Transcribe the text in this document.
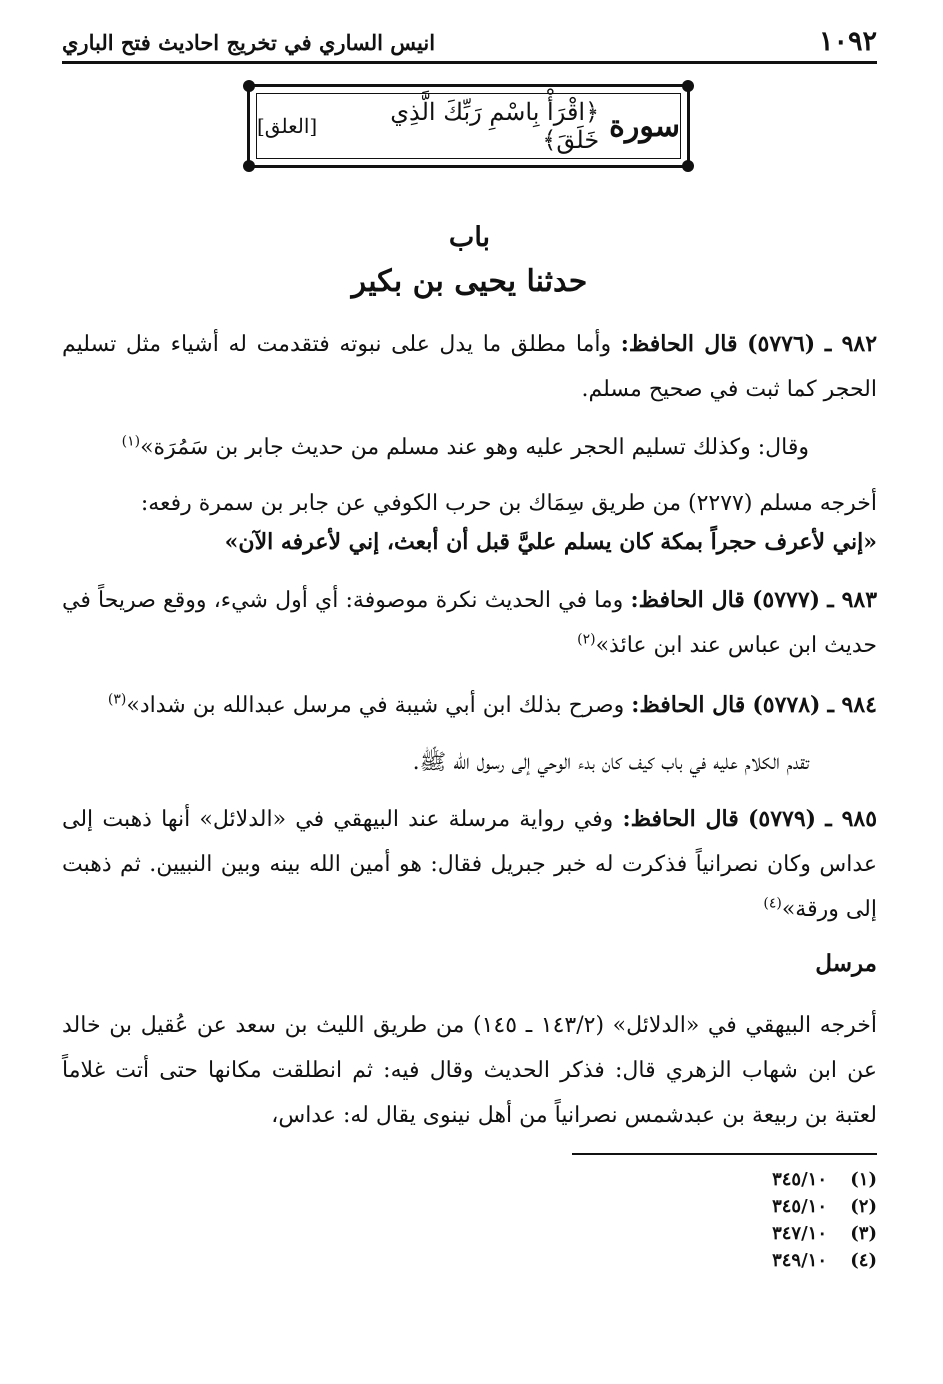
١٠٩٢
انيس الساري في تخريج احاديث فتح الباري
سورة
﴿اقْرَأْ بِاسْمِ رَبِّكَ الَّذِي خَلَقَ﴾
[العلق]
باب
حدثنا يحيى بن بكير
٩٨٢ ـ (٥٧٧٦) قال الحافظ: وأما مطلق ما يدل على نبوته فتقدمت له أشياء مثل تسليم الحجر كما ثبت في صحيح مسلم.
وقال: وكذلك تسليم الحجر عليه وهو عند مسلم من حديث جابر بن سَمُرَة»$^{(١)}$
أخرجه مسلم (٢٢٧٧) من طريق سِمَاك بن حرب الكوفي عن جابر بن سمرة رفعه:
«إني لأعرف حجراً بمكة كان يسلم عليَّ قبل أن أبعث، إني لأعرفه الآن»
٩٨٣ ـ (٥٧٧٧) قال الحافظ: وما في الحديث نكرة موصوفة: أي أول شيء، ووقع صريحاً في حديث ابن عباس عند ابن عائذ»$^{(٢)}$
٩٨٤ ـ (٥٧٧٨) قال الحافظ: وصرح بذلك ابن أبي شيبة في مرسل عبدالله بن شداد»$^{(٣)}$
تقدم الكلام عليه في باب كيف كان بدء الوحي إلى رسول الله ﷺ.
٩٨٥ ـ (٥٧٧٩) قال الحافظ: وفي رواية مرسلة عند البيهقي في «الدلائل» أنها ذهبت إلى عداس وكان نصرانياً فذكرت له خبر جبريل فقال: هو أمين الله بينه وبين النبيين. ثم ذهبت إلى ورقة»$^{(٤)}$
مرسل
أخرجه البيهقي في «الدلائل» (١٤٣/٢ ـ ١٤٥) من طريق الليث بن سعد عن عُقيل بن خالد عن ابن شهاب الزهري قال: فذكر الحديث وقال فيه: ثم انطلقت مكانها حتى أتت غلاماً لعتبة بن ربيعة بن عبدشمس نصرانياً من أهل نينوى يقال له: عداس،
(١)٣٤٥/١٠
(٢)٣٤٥/١٠
(٣)٣٤٧/١٠
(٤)٣٤٩/١٠
